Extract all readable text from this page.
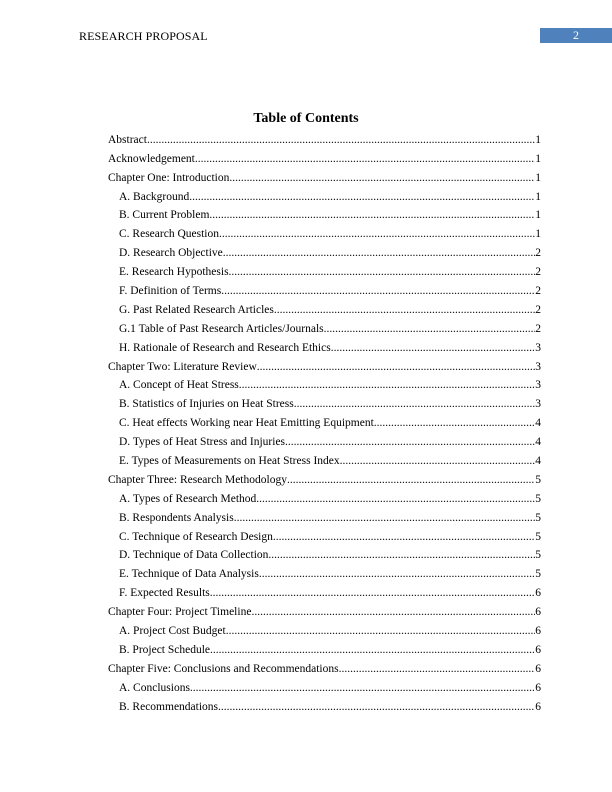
RESEARCH PROPOSAL	2
Table of Contents
Abstract .....	1
Acknowledgement .....	1
Chapter One: Introduction .....	1
A. Background .....	1
B. Current Problem .....	1
C. Research Question .....	1
D. Research Objective .....	2
E. Research Hypothesis .....	2
F. Definition of Terms .....	2
G. Past Related Research Articles .....	2
G.1 Table of Past Research Articles/Journals .....	2
H. Rationale of Research and Research Ethics .....	3
Chapter Two: Literature Review .....	3
A. Concept of Heat Stress .....	3
B. Statistics of Injuries on Heat Stress .....	3
C. Heat effects Working near Heat Emitting Equipment .....	4
D. Types of Heat Stress and Injuries .....	4
E. Types of Measurements on Heat Stress Index .....	4
Chapter Three: Research Methodology .....	5
A. Types of Research Method .....	5
B. Respondents Analysis .....	5
C. Technique of Research Design .....	5
D. Technique of Data Collection .....	5
E. Technique of Data Analysis .....	5
F. Expected Results .....	6
Chapter Four: Project Timeline .....	6
A. Project Cost Budget .....	6
B. Project Schedule .....	6
Chapter Five: Conclusions and Recommendations .....	6
A. Conclusions .....	6
B. Recommendations .....	6
